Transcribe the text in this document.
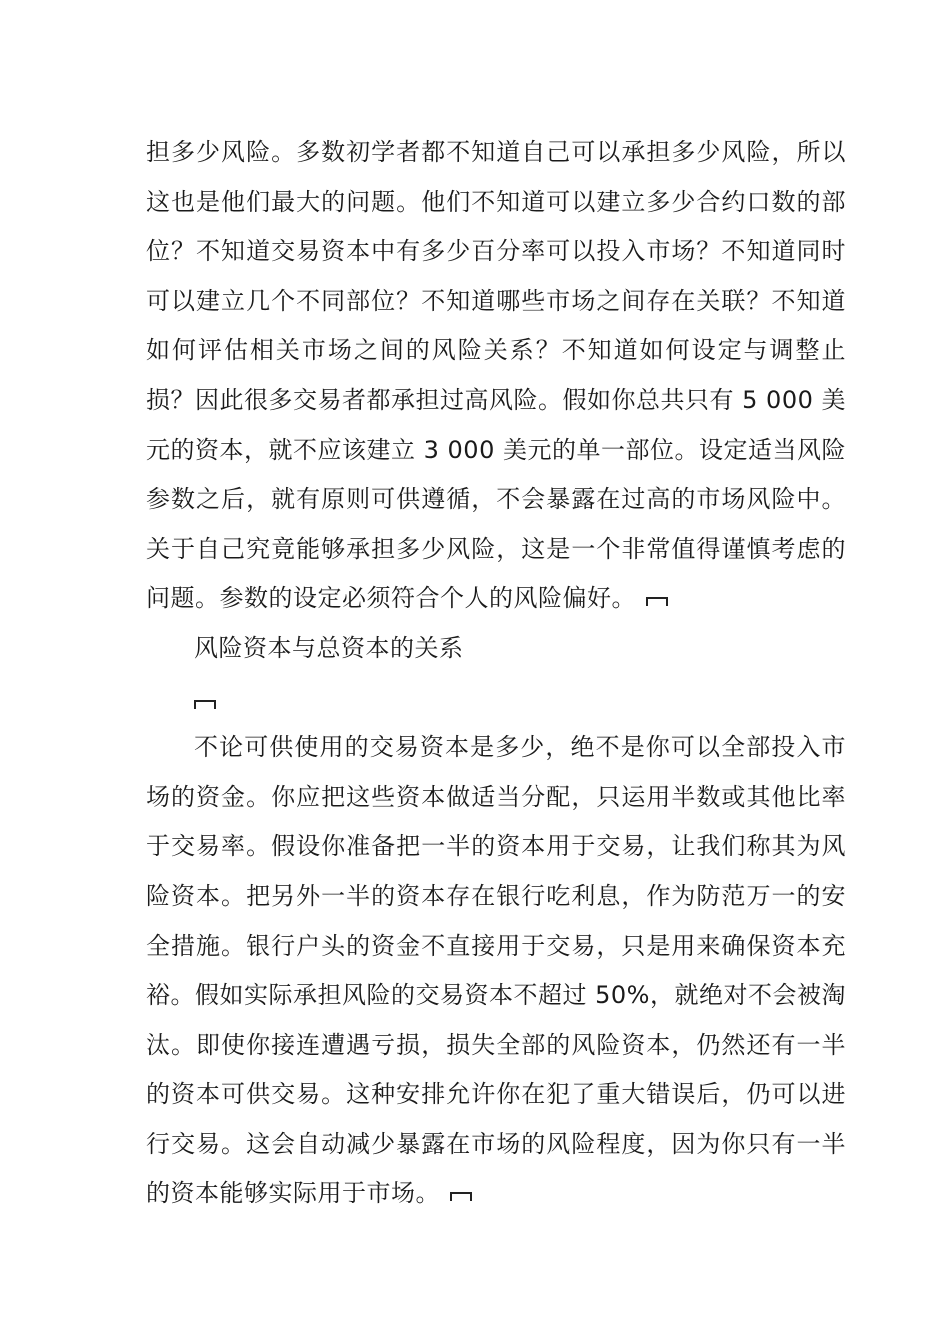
担多少风险。多数初学者都不知道自己可以承担多少风险，所以这也是他们最大的问题。他们不知道可以建立多少合约口数的部位？不知道交易资本中有多少百分率可以投入市场？不知道同时可以建立几个不同部位？不知道哪些市场之间存在关联？不知道如何评估相关市场之间的风险关系？不知道如何设定与调整止损？因此很多交易者都承担过高风险。假如你总共只有 5 000 美元的资本，就不应该建立 3 000 美元的单一部位。设定适当风险参数之后，就有原则可供遵循，不会暴露在过高的市场风险中。关于自己究竟能够承担多少风险，这是一个非常值得谨慎考虑的问题。参数的设定必须符合个人的风险偏好。

风险资本与总资本的关系

不论可供使用的交易资本是多少，绝不是你可以全部投入市场的资金。你应把这些资本做适当分配，只运用半数或其他比率于交易率。假设你准备把一半的资本用于交易，让我们称其为风险资本。把另外一半的资本存在银行吃利息，作为防范万一的安全措施。银行户头的资金不直接用于交易，只是用来确保资本充裕。假如实际承担风险的交易资本不超过 50%，就绝对不会被淘汰。即使你接连遭遇亏损，损失全部的风险资本，仍然还有一半的资本可供交易。这种安排允许你在犯了重大错误后，仍可以进行交易。这会自动减少暴露在市场的风险程度，因为你只有一半的资本能够实际用于市场。
